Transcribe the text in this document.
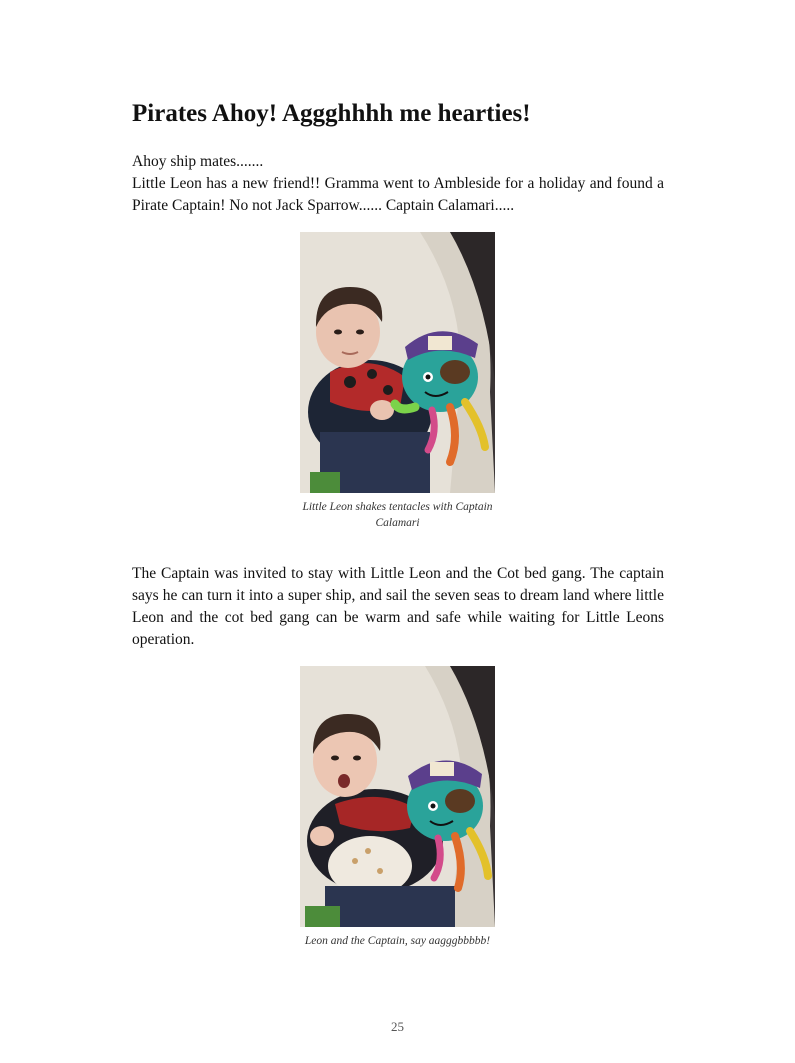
Pirates Ahoy! Aggghhhh me hearties!

Ahoy ship mates.......

Little Leon has a new friend!! Gramma went to Ambleside for a holiday and found a Pirate Captain! No not Jack Sparrow...... Captain Calamari.....

Little Leon shakes tentacles with Captain Calamari

The Captain was invited to stay with Little Leon and the Cot bed gang. The captain says he can turn it into a super ship, and sail the seven seas to dream land where little Leon and the cot bed gang can be warm and safe while waiting for Little Leons operation.

Leon and the Captain, say aagggbbbbb!

25
